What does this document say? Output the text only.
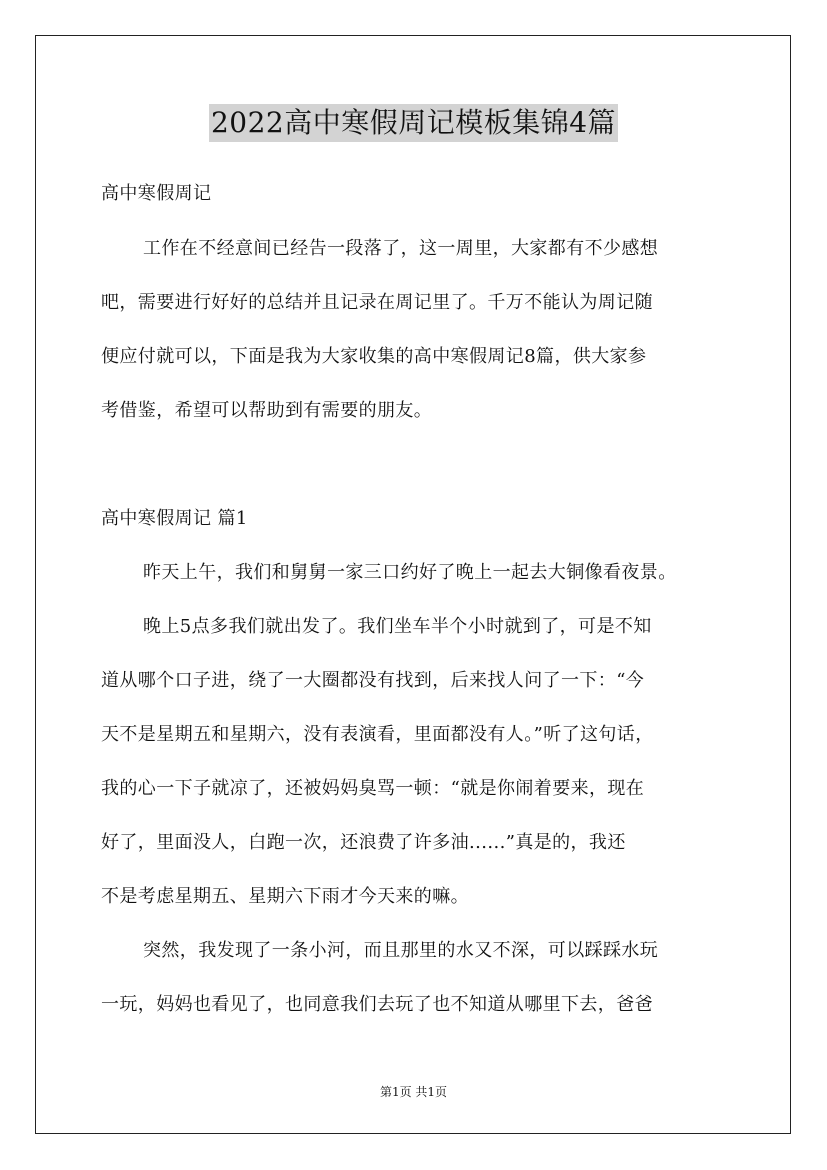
2022高中寒假周记模板集锦4篇
高中寒假周记
工作在不经意间已经告一段落了，这一周里，大家都有不少感想
吧，需要进行好好的总结并且记录在周记里了。千万不能认为周记随
便应付就可以，下面是我为大家收集的高中寒假周记8篇，供大家参
考借鉴，希望可以帮助到有需要的朋友。
高中寒假周记 篇1
昨天上午，我们和舅舅一家三口约好了晚上一起去大铜像看夜景。
晚上5点多我们就出发了。我们坐车半个小时就到了，可是不知
道从哪个口子进，绕了一大圈都没有找到，后来找人问了一下：“今
天不是星期五和星期六，没有表演看，里面都没有人。”听了这句话，
我的心一下子就凉了，还被妈妈臭骂一顿：“就是你闹着要来，现在
好了，里面没人，白跑一次，还浪费了许多油......”真是的，我还
不是考虑星期五、星期六下雨才今天来的嘛。
突然，我发现了一条小河，而且那里的水又不深，可以踩踩水玩
一玩，妈妈也看见了，也同意我们去玩了也不知道从哪里下去，爸爸
第1页 共1页
